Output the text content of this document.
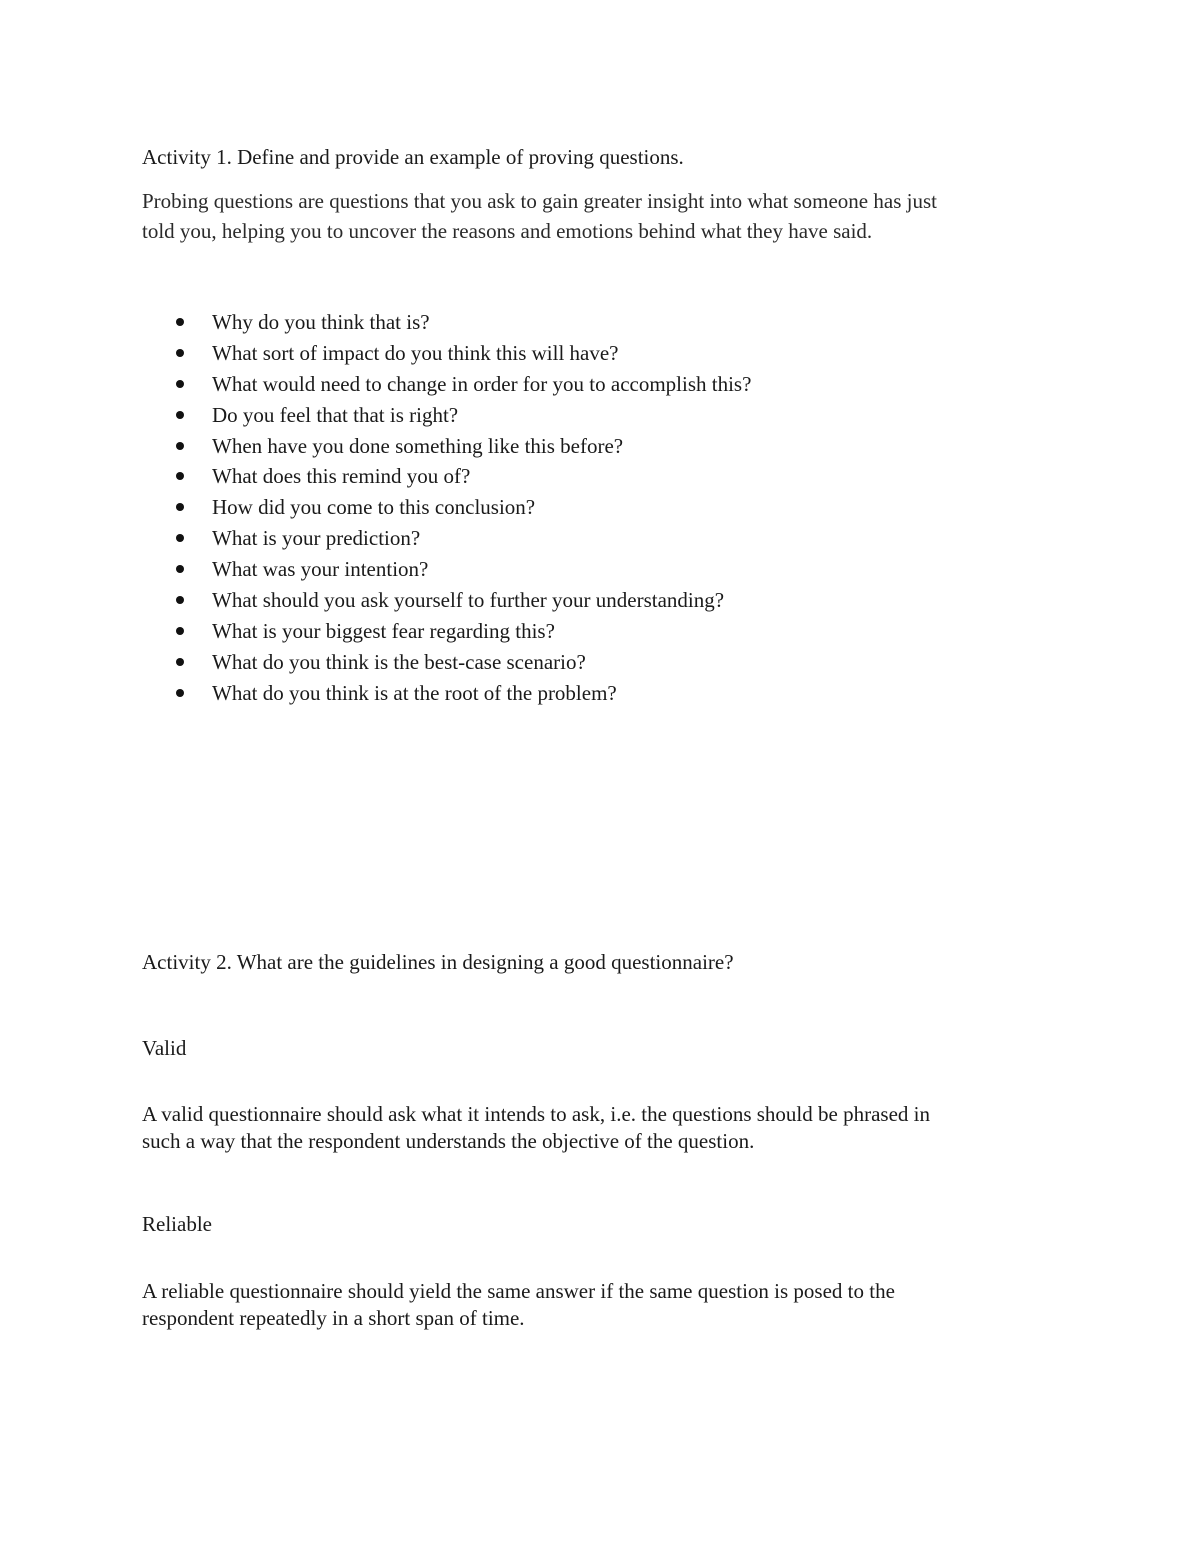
Activity 1. Define and provide an example of proving questions.

Probing questions are questions that you ask to gain greater insight into what someone has just

told you, helping you to uncover the reasons and emotions behind what they have said.

Why do you think that is?
What sort of impact do you think this will have?
What would need to change in order for you to accomplish this?
Do you feel that that is right?
When have you done something like this before?
What does this remind you of?
How did you come to this conclusion?
What is your prediction?
What was your intention?
What should you ask yourself to further your understanding?
What is your biggest fear regarding this?
What do you think is the best-case scenario?
What do you think is at the root of the problem?

Activity 2. What are the guidelines in designing a good questionnaire?

Valid

A valid questionnaire should ask what it intends to ask, i.e. the questions should be phrased in

such a way that the respondent understands the objective of the question.

Reliable

A reliable questionnaire should yield the same answer if the same question is posed to the

respondent repeatedly in a short span of time.
